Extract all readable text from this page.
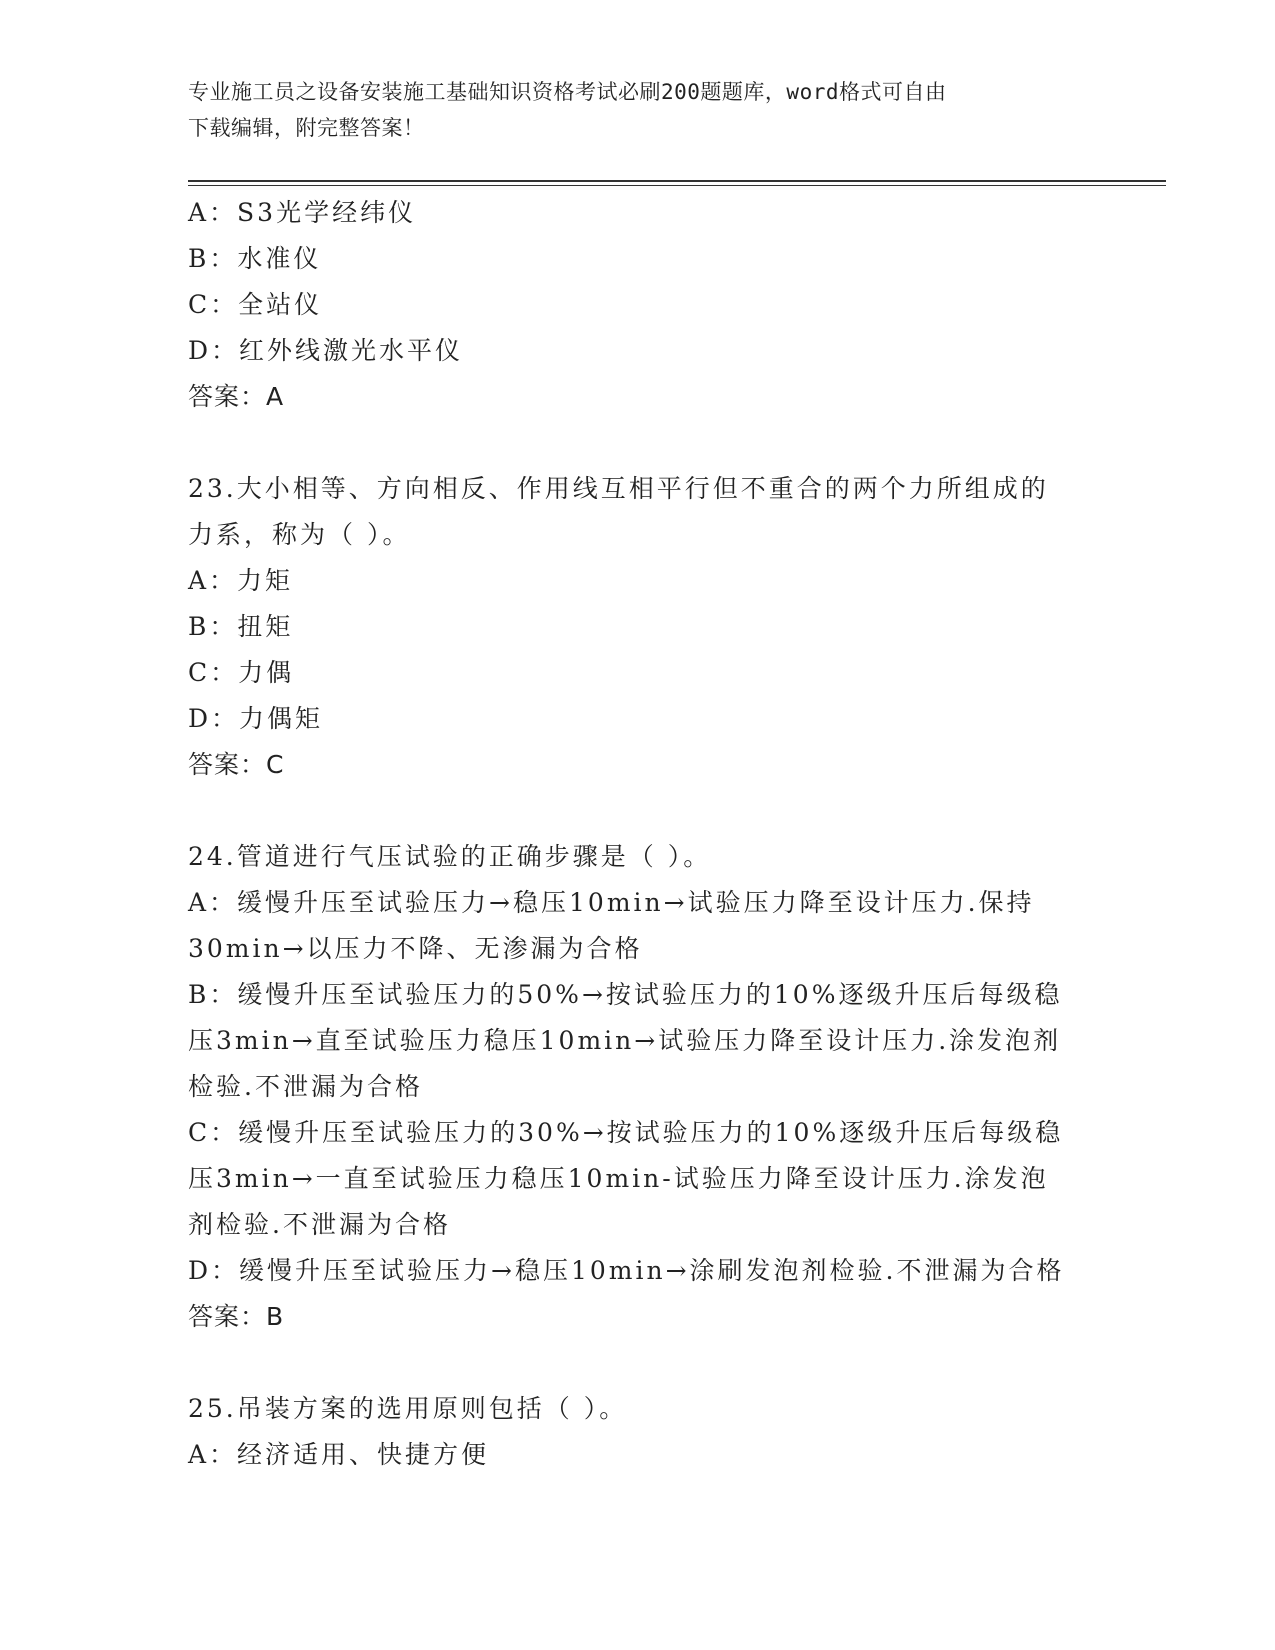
专业施工员之设备安装施工基础知识资格考试必刷200题题库，word格式可自由
下载编辑，附完整答案！
A：S3光学经纬仪
B：水准仪
C：全站仪
D：红外线激光水平仪
答案：A
23.大小相等、方向相反、作用线互相平行但不重合的两个力所组成的
力系，称为（ ）。
A：力矩
B：扭矩
C：力偶
D：力偶矩
答案：C
24.管道进行气压试验的正确步骤是（ ）。
A：缓慢升压至试验压力→稳压10min→试验压力降至设计压力.保持
30min→以压力不降、无渗漏为合格
B：缓慢升压至试验压力的50%→按试验压力的10%逐级升压后每级稳
压3min→直至试验压力稳压10min→试验压力降至设计压力.涂发泡剂
检验.不泄漏为合格
C：缓慢升压至试验压力的30%→按试验压力的10%逐级升压后每级稳
压3min→一直至试验压力稳压10min-试验压力降至设计压力.涂发泡
剂检验.不泄漏为合格
D：缓慢升压至试验压力→稳压10min→涂刷发泡剂检验.不泄漏为合格
答案：B
25.吊装方案的选用原则包括（ ）。
A：经济适用、快捷方便
